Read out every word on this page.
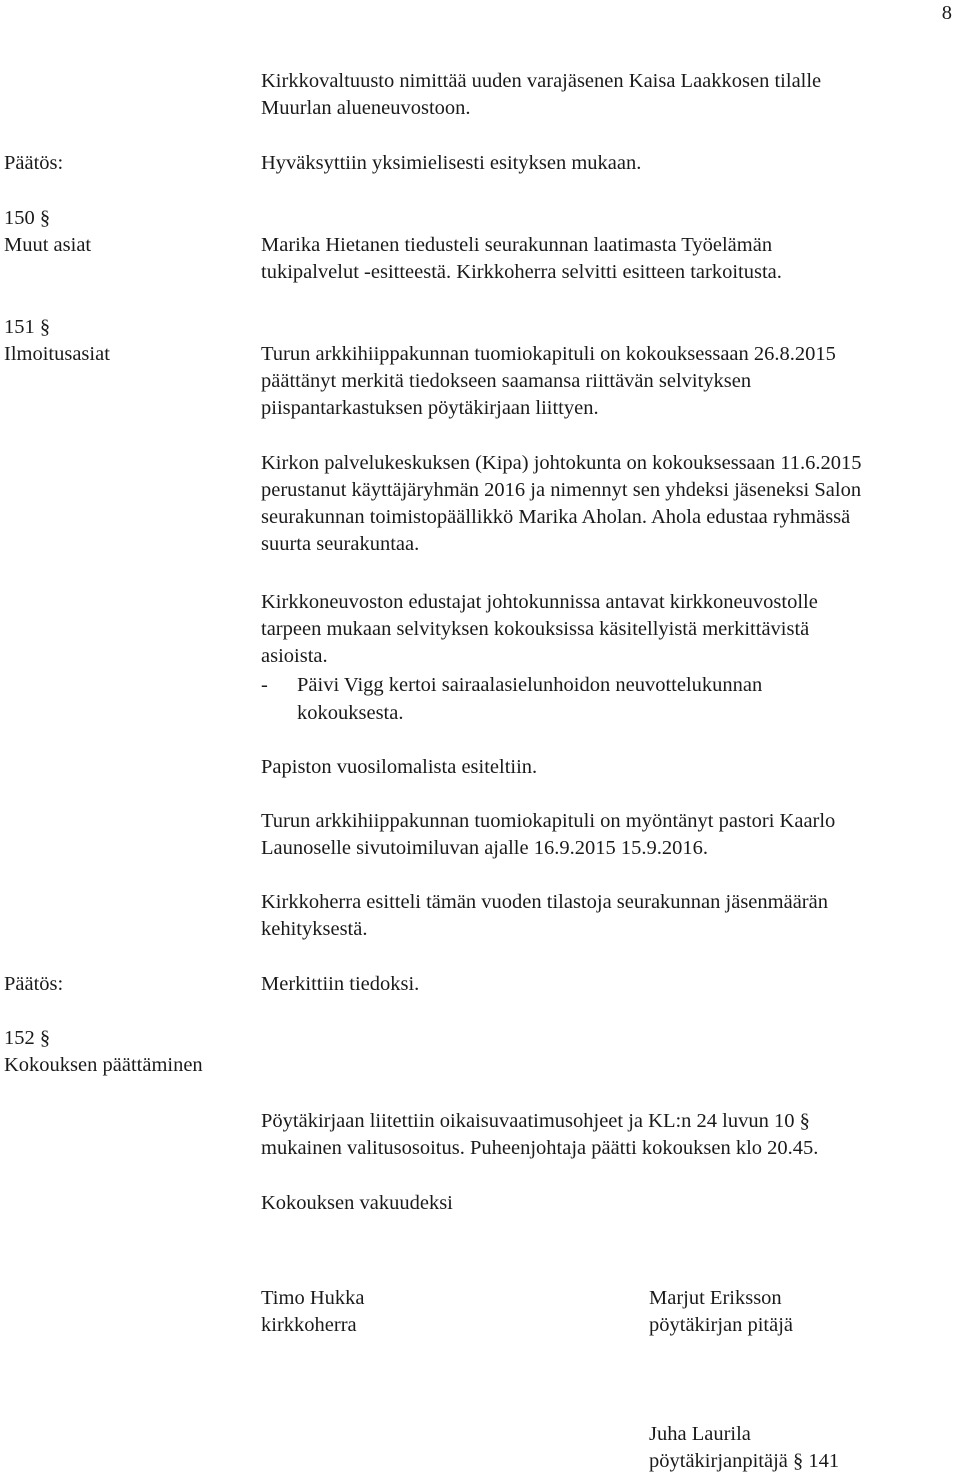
8

Kirkkovaltuusto nimittää uuden varajäsenen Kaisa Laakkosen tilalle

Muurlan alueneuvostoon.

Päätös:	Hyväksyttiin yksimielisesti esityksen mukaan.

150 §

Muut asiat	Marika Hietanen tiedusteli seurakunnan laatimasta Työelämän

tukipalvelut -esitteestä. Kirkkoherra selvitti esitteen tarkoitusta.

151 §

Ilmoitusasiat	Turun arkkihiippakunnan tuomiokapituli on kokouksessaan 26.8.2015

päättänyt merkitä tiedokseen saamansa riittävän selvityksen

piispantarkastuksen pöytäkirjaan liittyen.

Kirkon palvelukeskuksen (Kipa) johtokunta on kokouksessaan 11.6.2015

perustanut käyttäjäryhmän 2016 ja nimennyt sen yhdeksi jäseneksi Salon

seurakunnan toimistopäällikkö Marika Aholan. Ahola edustaa ryhmässä

suurta seurakuntaa.

Kirkkoneuvoston edustajat johtokunnissa antavat kirkkoneuvostolle

tarpeen mukaan selvityksen kokouksissa käsitellyistä merkittävistä

asioista.

- Päivi Vigg kertoi sairaalasielunhoidon neuvottelukunnan

kokouksesta.

Papiston vuosilomalista esiteltiin.

Turun arkkihiippakunnan tuomiokapituli on myöntänyt pastori Kaarlo

Launoselle sivutoimiluvan ajalle 16.9.2015 15.9.2016.

Kirkkoherra esitteli tämän vuoden tilastoja seurakunnan jäsenmäärän

kehityksestä.

Päätös:	Merkittiin tiedoksi.

152 §

Kokouksen päättäminen

Pöytäkirjaan liitettiin oikaisuvaatimusohjeet ja KL:n 24 luvun 10 §

mukainen valitusosoitus. Puheenjohtaja päätti kokouksen klo 20.45.

Kokouksen vakuudeksi

Timo Hukka

kirkkoherra

Marjut Eriksson

pöytäkirjan pitäjä

Juha Laurila

pöytäkirjanpitäjä § 141
